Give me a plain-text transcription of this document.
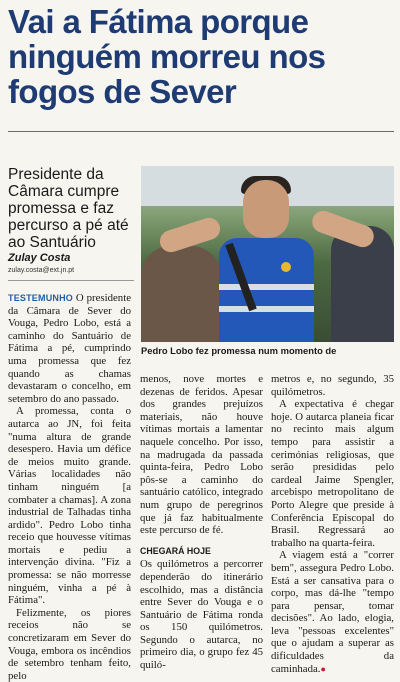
Vai a Fátima porque ninguém morreu nos fogos de Sever
Presidente da Câmara cumpre promessa e faz percurso a pé até ao Santuário
Zulay Costa
zulay.costa@ext.jn.pt
Pedro Lobo fez promessa num momento de

TESTEMUNHO O presidente da Câmara de Sever do Vouga, Pedro Lobo, está a caminho do Santuário de Fátima a pé, cumprindo uma promessa que fez quando as chamas devastaram o concelho, em setembro do ano passado.

A promessa, conta o autarca ao JN, foi feita "numa altura de grande desespero. Havia um défice de meios muito grande. Várias localidades não tinham ninguém [a combater a chamas]. A zona industrial de Talhadas tinha ardido". Pedro Lobo tinha receio que houvesse vítimas mortais e pediu a intervenção divina. "Fiz a promessa: se não morresse ninguém, vinha a pé à Fátima".

Felizmente, os piores receios não se concretizaram em Sever do Vouga, embora os incêndios de setembro tenham feito, pelo

menos, nove mortes e dezenas de feridos. Apesar dos grandes prejuízos materiais, não houve vítimas mortais a lamentar naquele concelho. Por isso, na madrugada da passada quinta-feira, Pedro Lobo pôs-se a caminho do santuário católico, integrado num grupo de peregrinos que já faz habitualmente este percurso de fé.

CHEGARÁ HOJE

Os quilómetros a percorrer dependerão do itinerário escolhido, mas a distância entre Sever do Vouga e o Santuário de Fátima ronda os 150 quilómetros. Segundo o autarca, no primeiro dia, o grupo fez 45 quiló-

metros e, no segundo, 35 quilómetros.

A expectativa é chegar hoje. O autarca planeia ficar no recinto mais algum tempo para assistir a cerimónias religiosas, que serão presididas pelo cardeal Jaime Spengler, arcebispo metropolitano de Porto Alegre que preside à Conferência Episcopal do Brasil. Regressará ao trabalho na quarta-feira.

A viagem está a "correr bem", assegura Pedro Lobo. Está a ser cansativa para o corpo, mas dá-lhe "tempo para pensar, tomar decisões". Ao lado, elogia, leva "pessoas excelentes" que o ajudam a superar as dificuldades da caminhada.●
